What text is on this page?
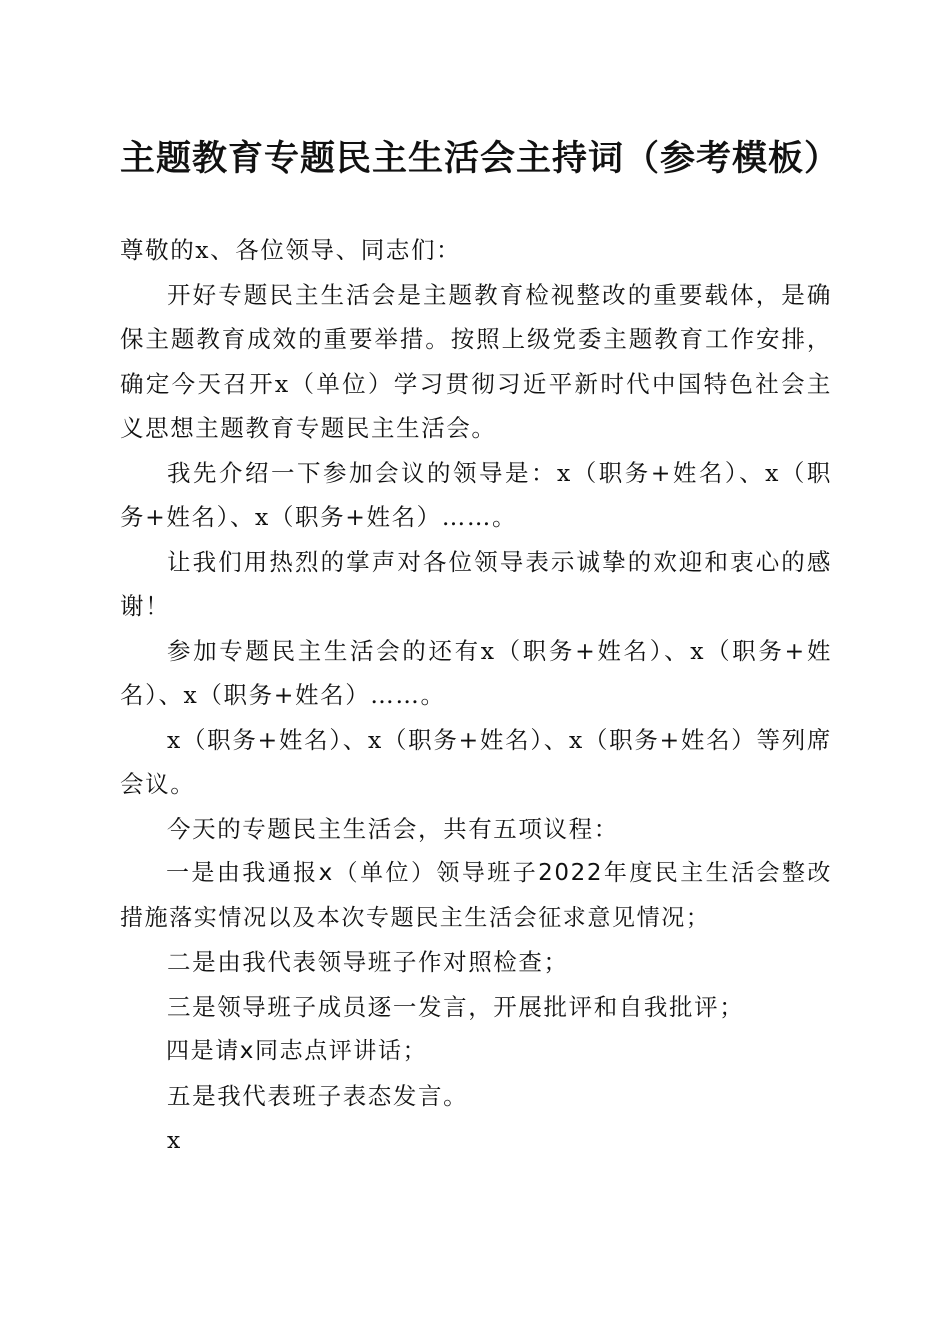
主题教育专题民主生活会主持词（参考模板）

尊敬的x、各位领导、同志们：

开好专题民主生活会是主题教育检视整改的重要载体，是确保主题教育成效的重要举措。按照上级党委主题教育工作安排，确定今天召开x（单位）学习贯彻习近平新时代中国特色社会主义思想主题教育专题民主生活会。

我先介绍一下参加会议的领导是：x（职务+姓名）、x（职务+姓名）、x（职务+姓名）……。

让我们用热烈的掌声对各位领导表示诚挚的欢迎和衷心的感谢！

参加专题民主生活会的还有x（职务+姓名）、x（职务+姓名）、x（职务+姓名）……。

x（职务+姓名）、x（职务+姓名）、x（职务+姓名）等列席会议。

今天的专题民主生活会，共有五项议程：

一是由我通报x（单位）领导班子2022年度民主生活会整改措施落实情况以及本次专题民主生活会征求意见情况；

二是由我代表领导班子作对照检查；

三是领导班子成员逐一发言，开展批评和自我批评；

四是请x同志点评讲话；

五是我代表班子表态发言。

x
